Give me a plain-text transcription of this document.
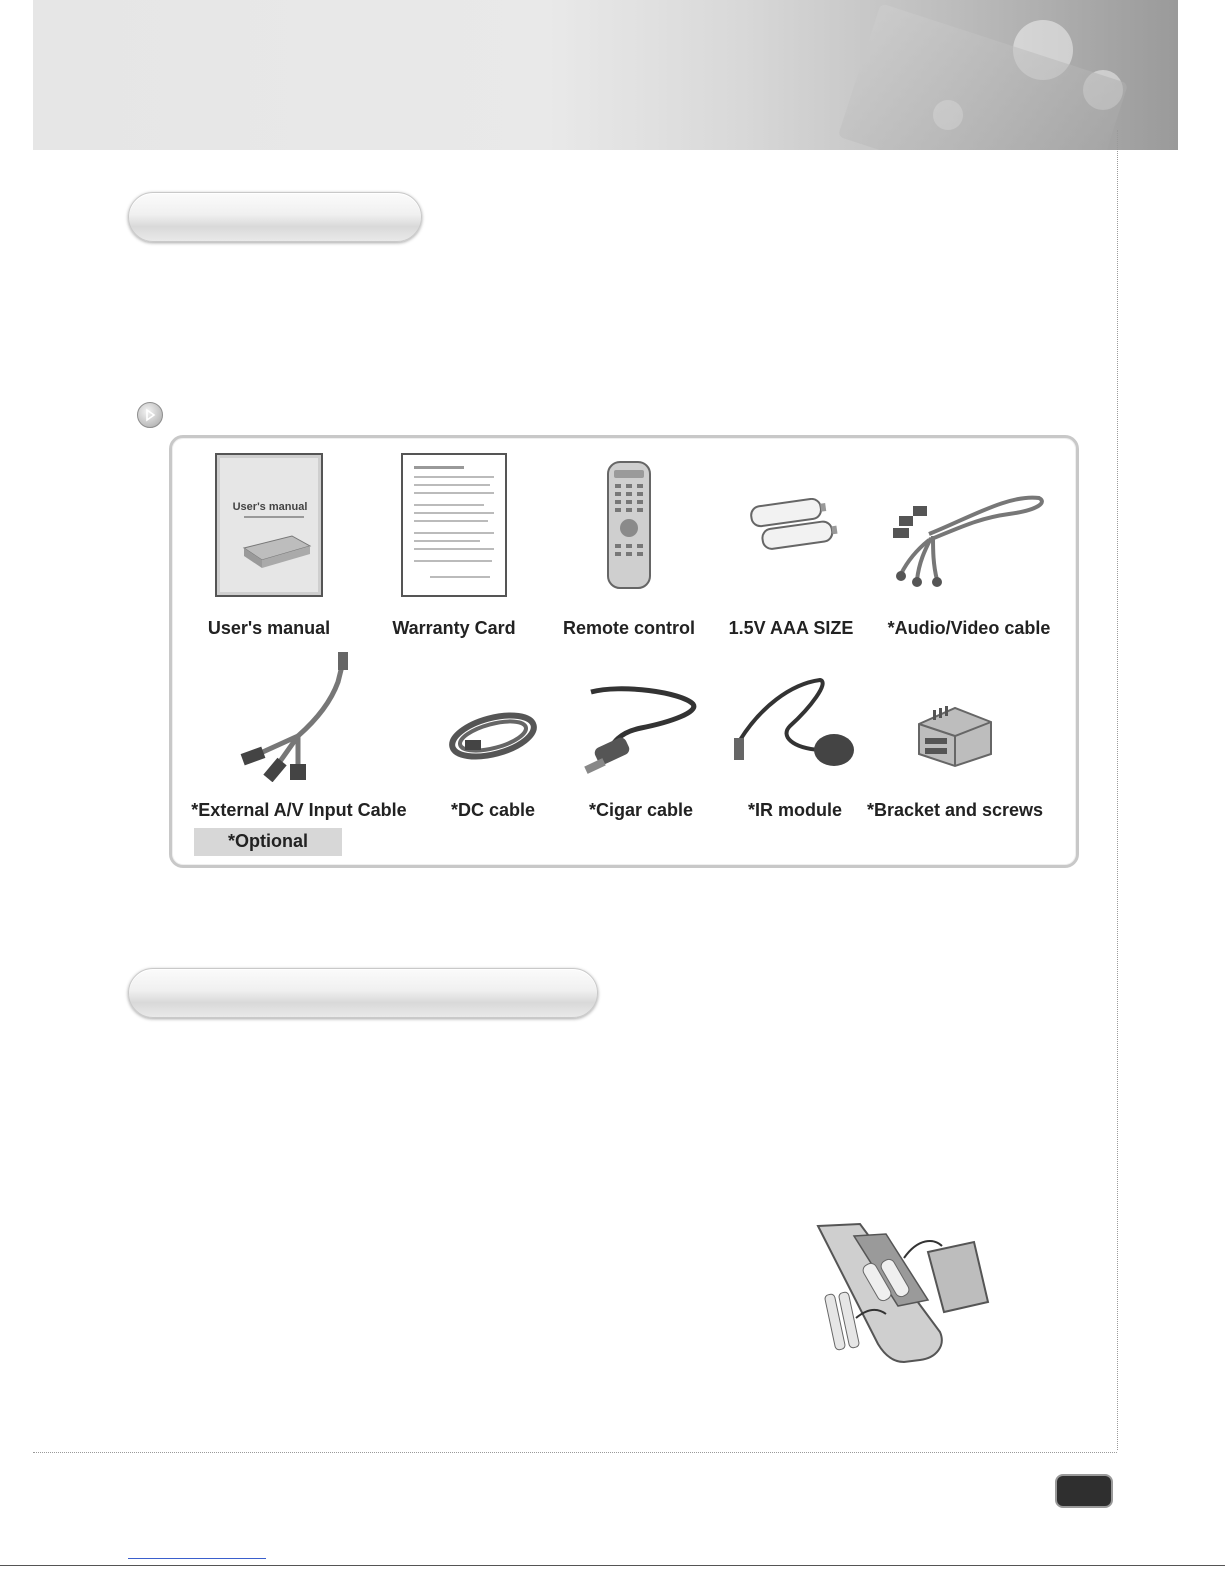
User's manual
User's manual	Warranty Card	Remote control	1.5V AAA SIZE	*Audio/Video cable
*External A/V Input Cable	*DC cable	*Cigar cable	*IR module	*Bracket and screws
*Optional
